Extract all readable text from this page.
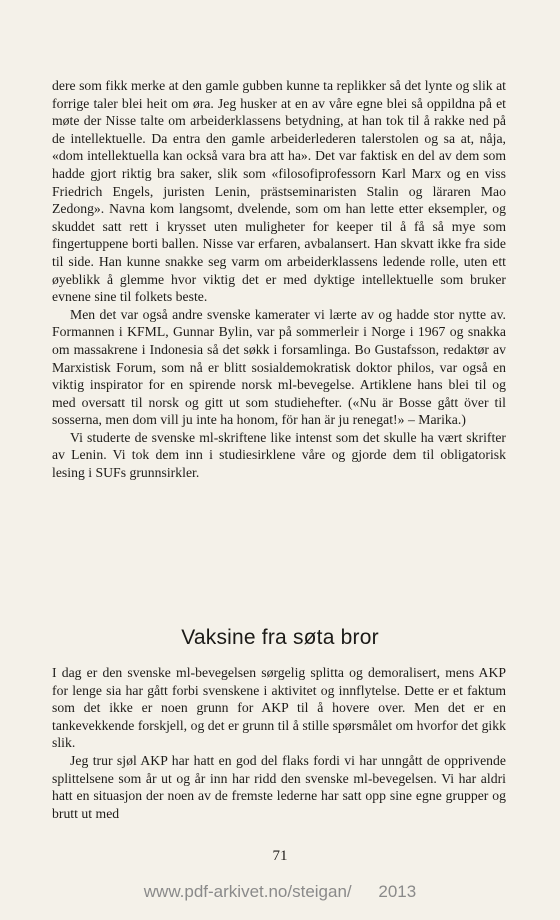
dere som fikk merke at den gamle gubben kunne ta replikker så det lynte og slik at forrige taler blei heit om øra. Jeg husker at en av våre egne blei så oppildna på et møte der Nisse talte om arbeiderklassens betydning, at han tok til å rakke ned på de intellektuelle. Da entra den gamle arbeiderlederen talerstolen og sa at, nåja, «dom intellektuella kan också vara bra att ha». Det var faktisk en del av dem som hadde gjort riktig bra saker, slik som «filosofiprofessorn Karl Marx og en viss Friedrich Engels, juristen Lenin, prästseminaristen Stalin og läraren Mao Zedong». Navna kom langsomt, dvelende, som om han lette etter eksempler, og skuddet satt rett i krysset uten muligheter for keeper til å få så mye som fingertuppene borti ballen. Nisse var erfaren, avbalansert. Han skvatt ikke fra side til side. Han kunne snakke seg varm om arbeiderklassens ledende rolle, uten ett øyeblikk å glemme hvor viktig det er med dyktige intellektuelle som bruker evnene sine til folkets beste.

Men det var også andre svenske kamerater vi lærte av og hadde stor nytte av. Formannen i KFML, Gunnar Bylin, var på sommerleir i Norge i 1967 og snakka om massakrene i Indonesia så det søkk i forsamlinga. Bo Gustafsson, redaktør av Marxistisk Forum, som nå er blitt sosialdemokratisk doktor philos, var også en viktig inspirator for en spirende norsk ml-bevegelse. Artiklene hans blei til og med oversatt til norsk og gitt ut som studiehefter. («Nu är Bosse gått över til sosserna, men dom vill ju inte ha honom, för han är ju renegat!» – Marika.)

Vi studerte de svenske ml-skriftene like intenst som det skulle ha vært skrifter av Lenin. Vi tok dem inn i studiesirklene våre og gjorde dem til obligatorisk lesing i SUFs grunnsirkler.

Vaksine fra søta bror

I dag er den svenske ml-bevegelsen sørgelig splitta og demoralisert, mens AKP for lenge sia har gått forbi svenskene i aktivitet og innflytelse. Dette er et faktum som det ikke er noen grunn for AKP til å hovere over. Men det er en tankevekkende forskjell, og det er grunn til å stille spørsmålet om hvorfor det gikk slik.

Jeg trur sjøl AKP har hatt en god del flaks fordi vi har unngått de opprivende splittelsene som år ut og år inn har ridd den svenske ml-bevegelsen. Vi har aldri hatt en situasjon der noen av de fremste lederne har satt opp sine egne grupper og brutt ut med

71
www.pdf-arkivet.no/steigan/ 2013
